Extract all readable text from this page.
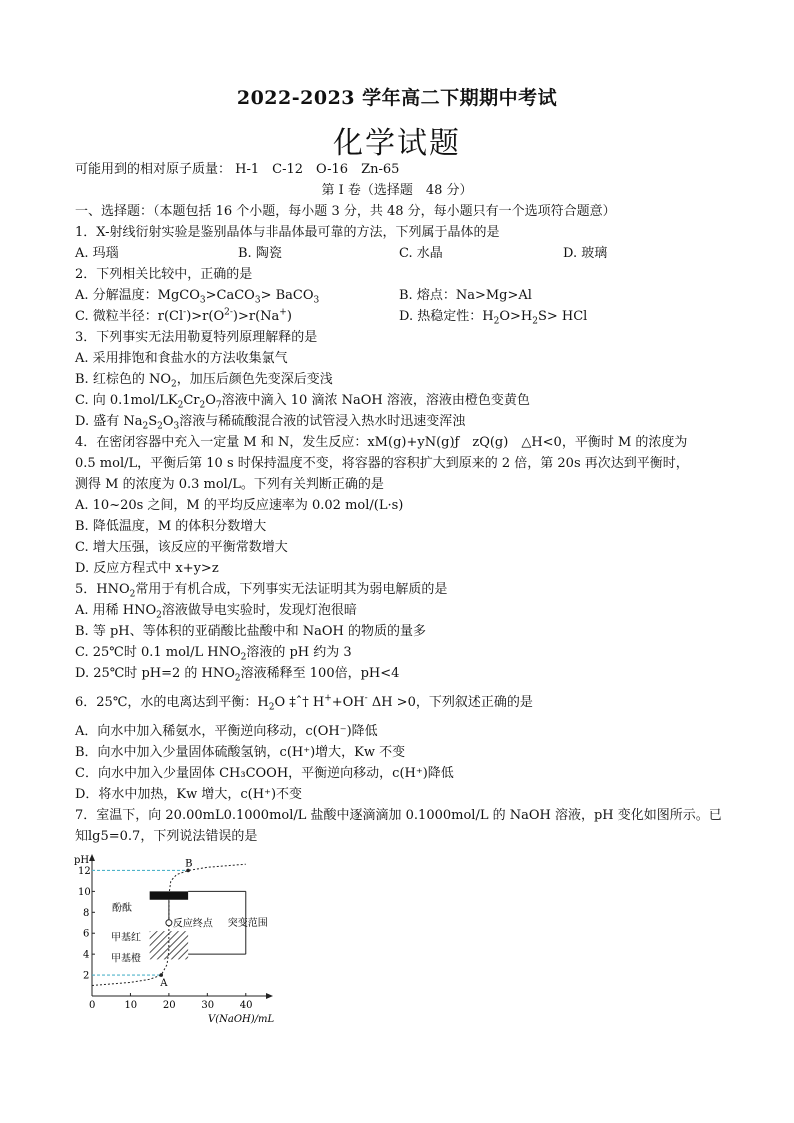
2022-2023 学年高二下期期中考试
化学试题
可能用到的相对原子质量： H-1　C-12　O-16　Zn-65
第 I 卷（选择题　48 分）
一、选择题：（本题包括 16 个小题，每小题 3 分，共 48 分，每小题只有一个选项符合题意）
1．X-射线衍射实验是鉴别晶体与非晶体最可靠的方法，下列属于晶体的是
A. 玛瑙	B. 陶瓷	C. 水晶	D. 玻璃
2．下列相关比较中，正确的是
A. 分解温度：MgCO$_3$>CaCO$_3$> BaCO$_3$	B. 熔点：Na>Mg>Al
C. 微粒半径：$r(Cl^-)>r(O^{2-})>r(Na^+)$	D. 热稳定性：$H_2O>H_2S>$ HCl
3．下列事实无法用勒夏特列原理解释的是
A. 采用排饱和食盐水的方法收集氯气
B. 红棕色的 $NO_2$，加压后颜色先变深后变浅
C. 向 $0.1mol/LK_2Cr_2O_7$溶液中滴入 10 滴浓 NaOH 溶液，溶液由橙色变黄色
D. 盛有 $Na_2S_2O_3$溶液与稀硫酸混合液的试管浸入热水时迅速变浑浊
4．在密闭容器中充入一定量 M 和 N，发生反应：xM(g)+yN(g)ƒ　zQ(g)　△H<0，平衡时 M 的浓度为
0.5 mol/L，平衡后第 10 s 时保持温度不变，将容器的容积扩大到原来的 2 倍，第 20s 再次达到平衡时，
测得 M 的浓度为 0.3 mol/L。下列有关判断正确的是
A. 10~20s 之间，M 的平均反应速率为 0.02 mol/(L·s)
B. 降低温度，M 的体积分数增大
C. 增大压强，该反应的平衡常数增大
D. 反应方程式中 x+y>z
5．$HNO_2$常用于有机合成，下列事实无法证明其为弱电解质的是
A. 用稀 $HNO_2$溶液做导电实验时，发现灯泡很暗
B. 等 pH、等体积的亚硝酸比盐酸中和 NaOH 的物质的量多
C. 25℃时 0.1 mol/L $HNO_2$溶液的 pH 约为 3
D. 25℃时 pH=2 的 $HNO_2$溶液稀释至 100倍，pH<4
6．25℃，水的电离达到平衡：$H_2O$ ‡ˆ† H++OH- ΔH >0，下列叙述正确的是
A．向水中加入稀氨水，平衡逆向移动，c(OH⁻)降低
B．向水中加入少量固体硫酸氢钠，c(H⁺)增大，Kw 不变
C．向水中加入少量固体 CH₃COOH，平衡逆向移动，c(H⁺)降低
D．将水中加热，Kw 增大，c(H⁺)不变
7．室温下，向 20.00mL0.1000mol/L 盐酸中逐滴滴加 0.1000mol/L 的 NaOH 溶液，pH 变化如图所示。已
知lg5=0.7，下列说法错误的是
0	10	20	30	40
2
4
6
8
10
12
pH
V(NaOH)/mL
酚酞
反应终点
甲基红
甲基橙
突变范围
A
B
